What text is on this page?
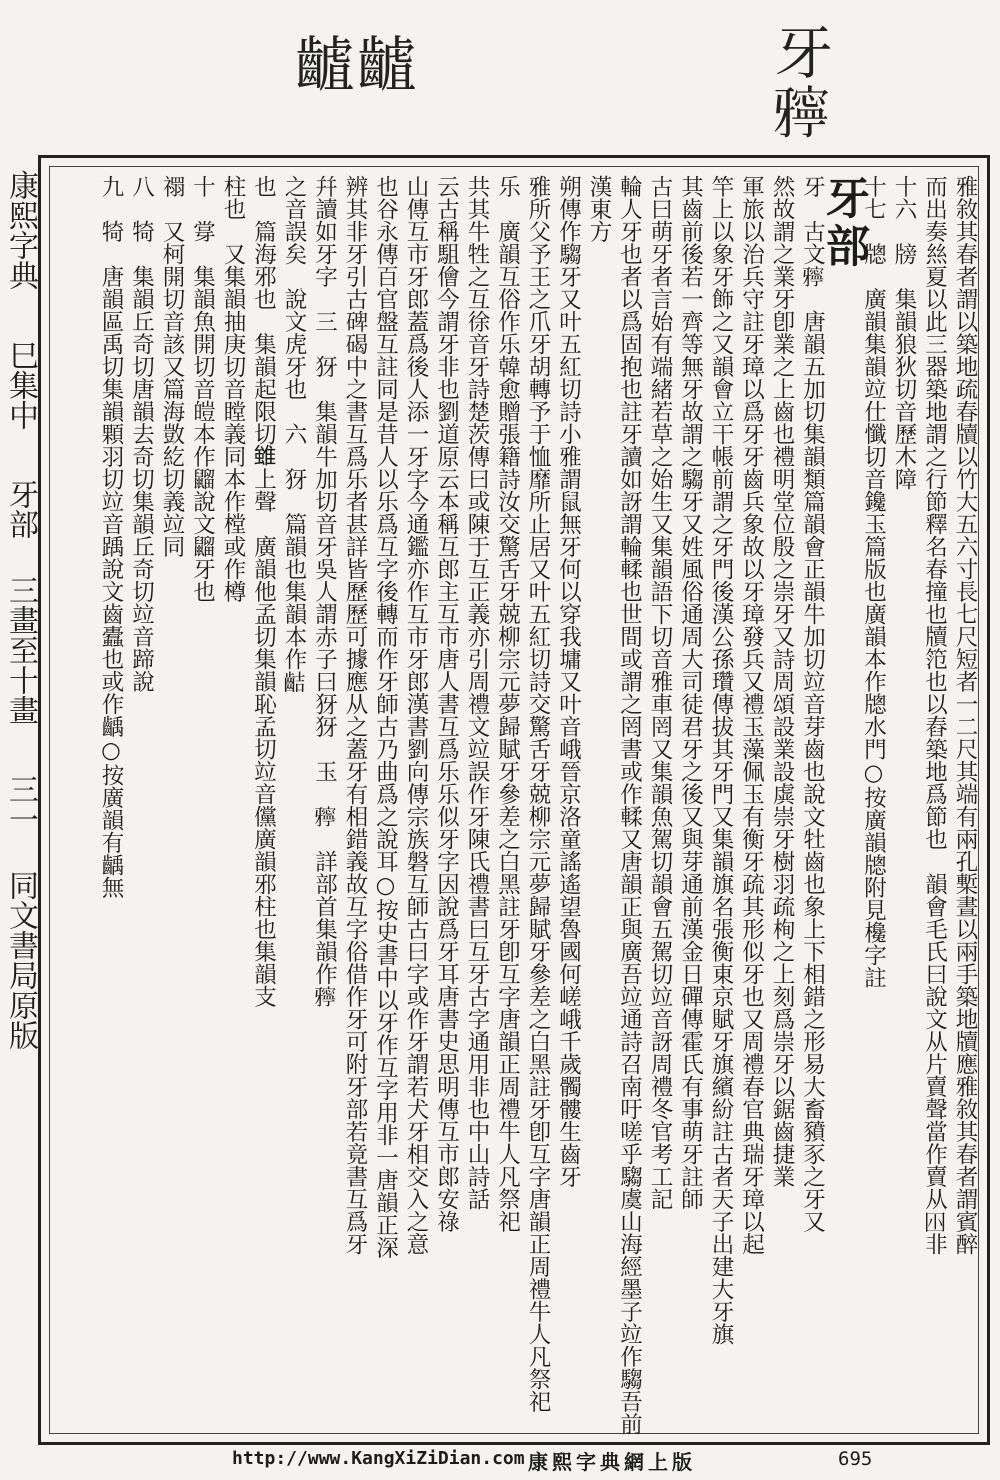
䶥䶥	牙𤘓
康熙字典 巳集中 牙部 三畫至十畫 三一 同文書局原版	雅敘其春者謂以築地疏春牘以竹大五六寸長七尺短者一二尺其端有兩孔槧晝以兩手築地牘應雅敘其春者謂賓醉

而出奏𢇁夏以此三器築地謂之行節釋名春撞也牘笵也以舂築地爲節也　韻會毛氏曰說文从片賣聲當作賣从𡆧非

十六　牓　集韻狼狄切音歷木障

十七　牕　廣韻集韻竝仕懺切音鑱玉篇版也廣韻本作牕水門○按廣韻牕附見欃字註

牙部

牙　古文𤘓　唐韻五加切集韻類篇韻會正韻牛加切竝音芽齒也說文牡齒也象上下相錯之形易大畜豶豕之牙又

然故謂之業牙卽業之上齒也禮明堂位殷之崇牙又詩周頌設業設虡崇牙樹羽疏栒之上刻爲崇牙以鋸齒捷業

軍旅以治兵守註牙璋以爲牙牙齒兵象故以牙璋發兵又禮玉藻佩玉有衡牙疏其形似牙也又周禮春官典瑞牙璋以起

竿上以象牙飾之又韻會立干帳前謂之牙門後漢公孫瓚傳拔其牙門又集韻旗名張衡東京賦牙旗繽紛註古者天子出建大牙旗

其齒前後若一齊等無牙故謂之騶牙又姓風俗通周大司徒君牙之後又與芽通前漢金日磾傳霍氏有事萌牙註師

古曰萌牙者言始有端緒若草之始生又集韻語下切音雅車罔又集韻魚駕切韻會五駕切竝音訝周禮冬官考工記

輪人牙也者以爲固抱也註牙讀如訝謂輪輮也世間或謂之罔書或作輮又唐韻正與廣吾竝通詩召南吁嗟乎騶虞山海經墨子竝作騶吾前漢東方

朔傳作騶牙又叶五紅切詩小雅謂鼠無牙何以穿我墉又叶音峨晉京洛童謠遙望魯國何嵯峨千歲髑髏生齒牙

雅所父予王之爪牙胡轉予于恤靡所止居又叶五紅切詩交驚舌牙兢柳宗元夢歸賦牙參差之白黑註牙卽互字唐韻正周禮牛人凡祭祀

乐　廣韻互俗作乐韓愈贈張籍詩汝交驚舌牙兢柳宗元夢歸賦牙參差之白黑註牙卽互字唐韻正周禮牛人凡祭祀

共其牛牲之互徐音牙詩楚茨傳曰或陳于互正義亦引周禮文竝誤作牙陳氏禮書曰互牙古字通用非也中山詩話

云古稱駔儈今謂牙非也劉道原云本稱互郎主互市唐人書互爲乐乐似牙字因說爲牙耳唐書史思明傳互市郎安祿

山傳互市牙郎蓋爲後人添一牙字今通鑑亦作互市牙郎漢書劉向傳宗族磐互師古曰字或作牙謂若犬牙相交入之意

也谷永傳百官盤互註同是昔人以乐爲互字後轉而作牙師古乃曲爲之說耳○按史書中以牙作互字用非一唐韻正深

辨其非牙引古碑碣中之書互爲乐者甚詳皆歷歷可據應从之蓋牙有相錯義故互字俗借作牙可附牙部若竟書互爲牙

幷讀如牙字　三　犽　集韻牛加切音牙吳人謂赤子曰犽犽　玉　𤘓　詳部首集韻作𤘓

之音誤矣　說文虎牙也　六　犽　篇韻也集韻本作𪗾

也　篇海邪也　集韻起限切𨿽上聲　廣韻他孟切集韻恥孟切竝音儻廣韻邪柱也集韻支

柱也　又集韻抽庚切音瞠義同本作樘或作樽

十　牚　集韻魚開切音皚本作䶉說文䶉牙也

禤　又柯開切音該又篇海敳紇切義竝同

八　犄　集韻丘奇切唐韻去奇切集韻丘奇切竝音蹄說

九　犄　唐韻區禹切集韻顆羽切竝音踽說文齒蠹也或作齲○按廣韻有齲無

http://www.KangXiZiDian.com 康熙字典網上版	695
